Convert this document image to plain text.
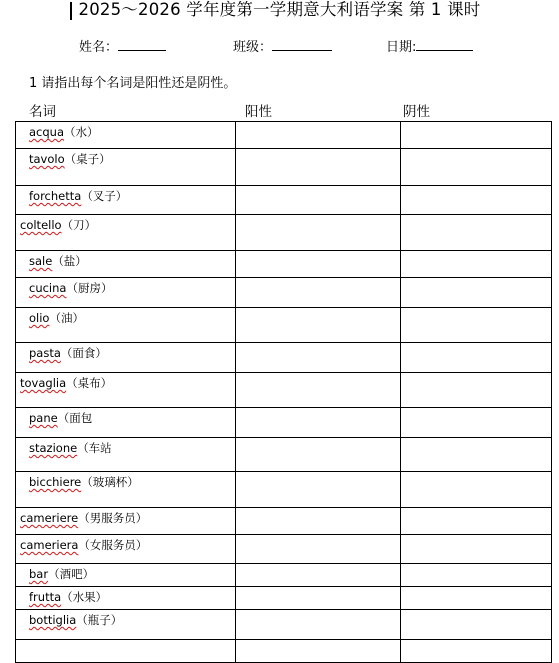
2025～2026 学年度第一学期意大利语学案 第 1 课时
姓名：	班级：	日期:
1 请指出每个名词是阳性还是阴性。
名词	阳性	阴性
acqua（水）		

tavolo（桌子）		

forchetta（叉子）		

coltello（刀）		

sale（盐）		

cucina（厨房）		

olio（油）		

pasta（面食）		

tovaglia（桌布）		

pane（面包		

stazione（车站		

bicchiere（玻璃杯）		

cameriere（男服务员）		

cameriera（女服务员）		

bar（酒吧）		

frutta（水果）		

bottiglia（瓶子）		
